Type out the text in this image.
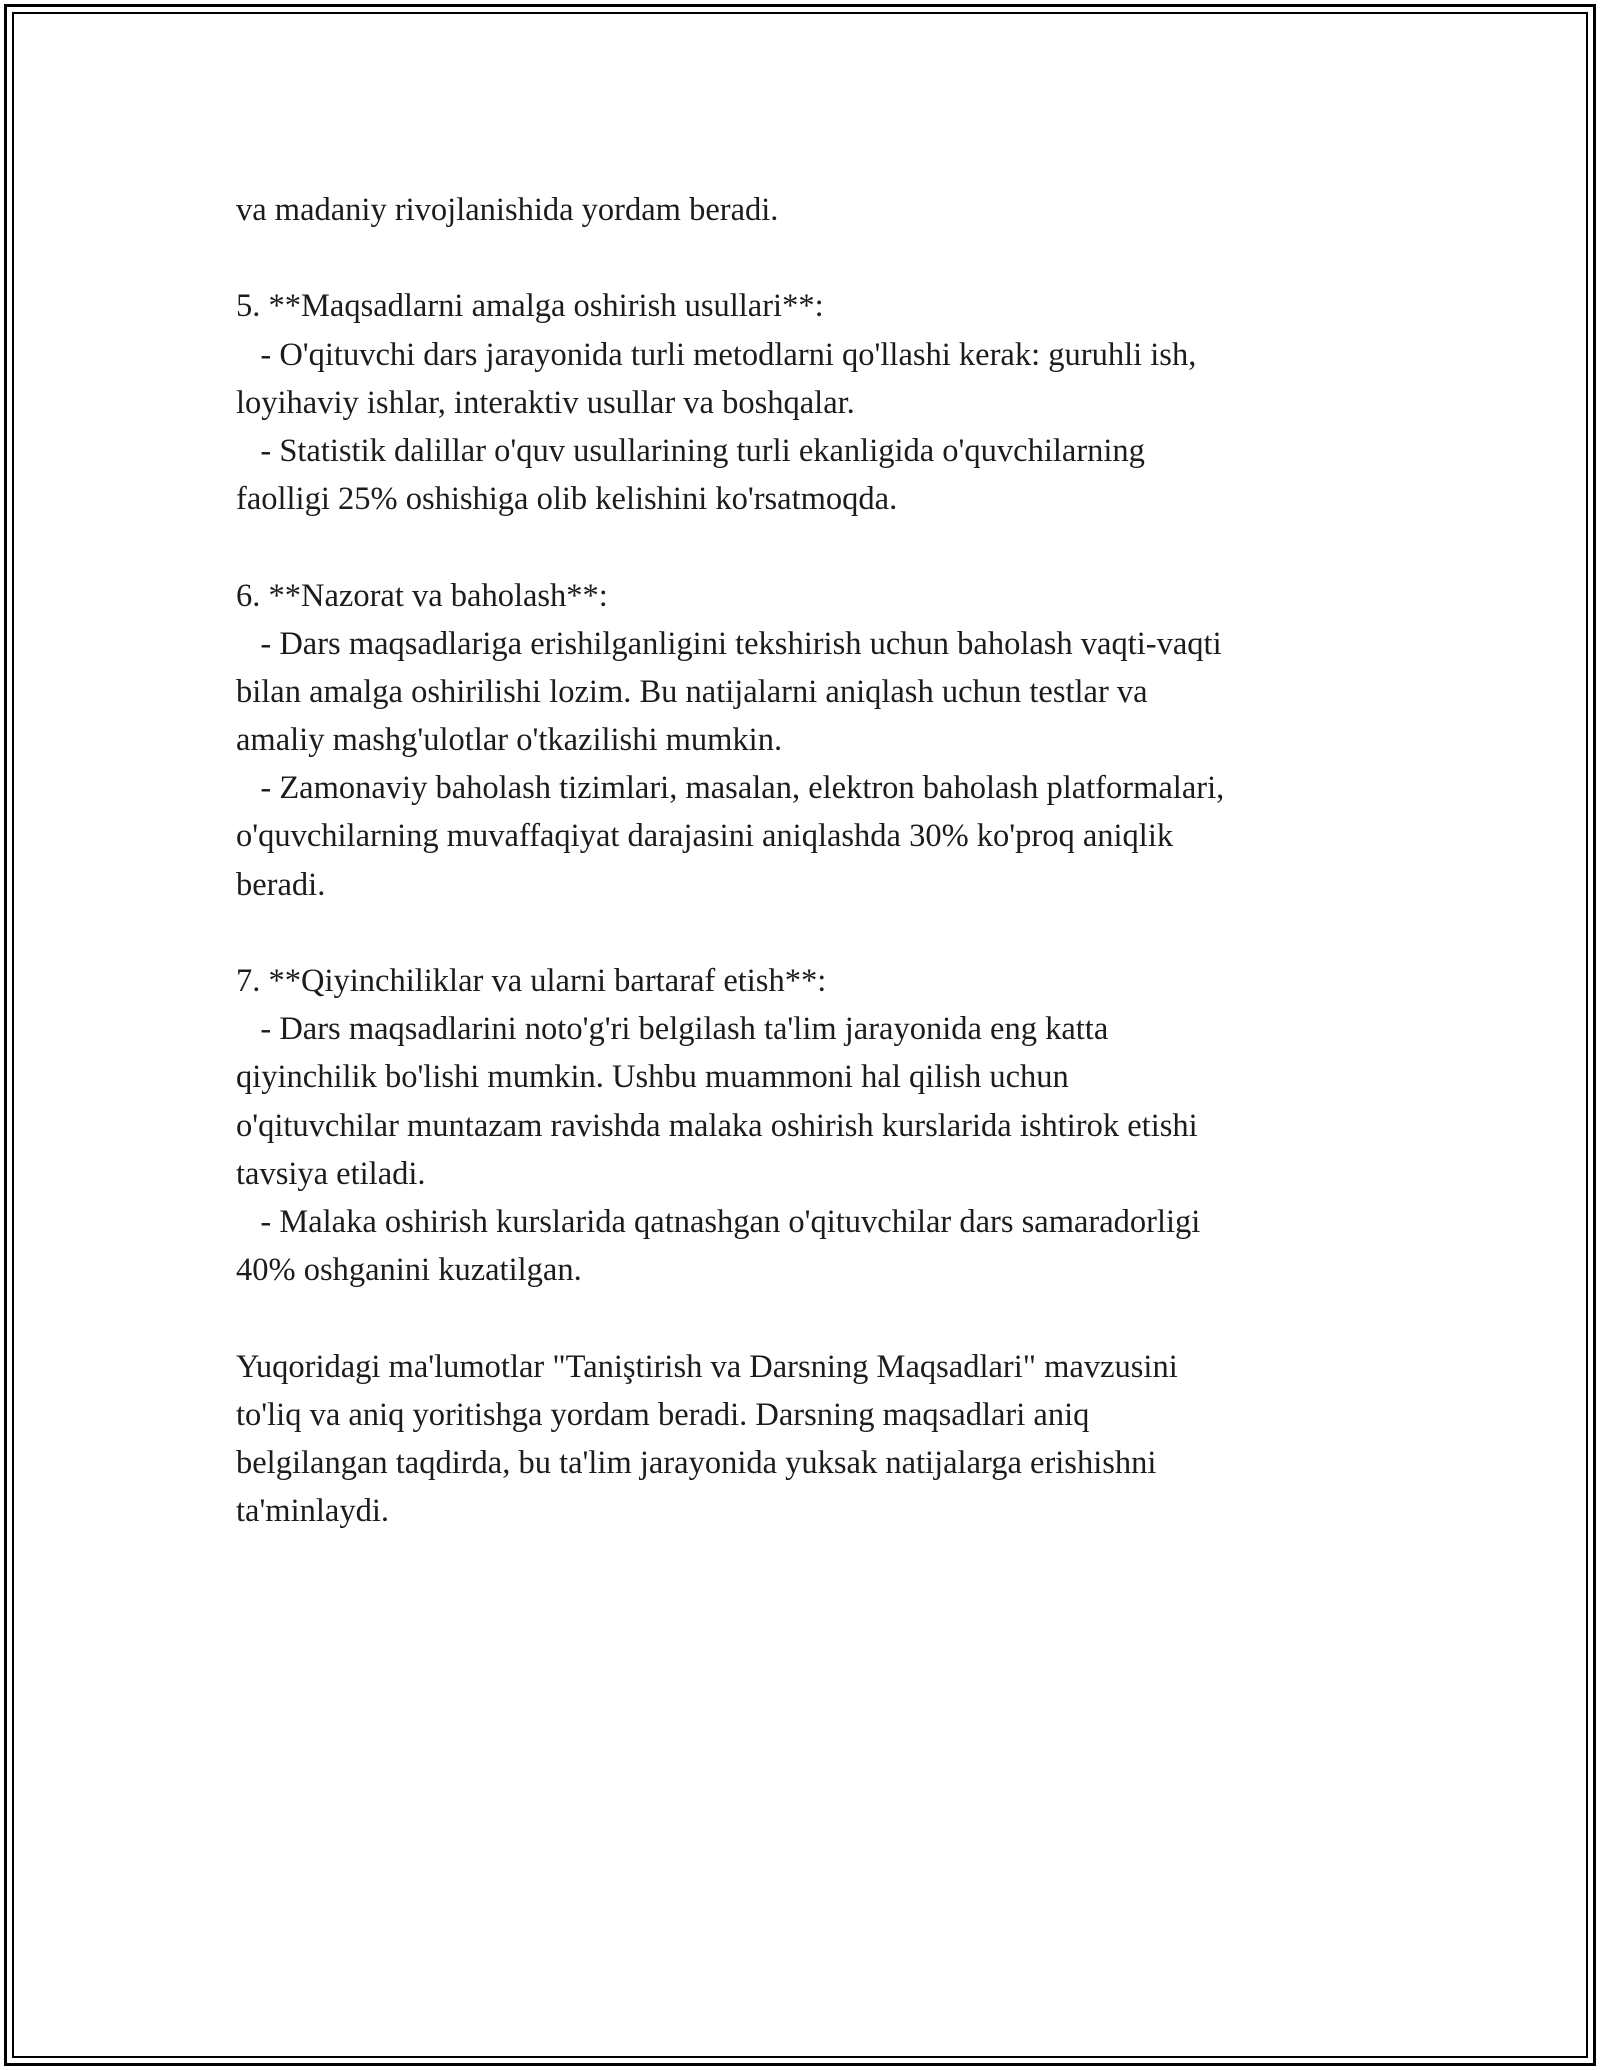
va madaniy rivojlanishida yordam beradi.
5. **Maqsadlarni amalga oshirish usullari**:
- O'qituvchi dars jarayonida turli metodlarni qo'llashi kerak: guruhli ish,
loyihaviy ishlar, interaktiv usullar va boshqalar.
- Statistik dalillar o'quv usullarining turli ekanligida o'quvchilarning
faolligi 25% oshishiga olib kelishini ko'rsatmoqda.
6. **Nazorat va baholash**:
- Dars maqsadlariga erishilganligini tekshirish uchun baholash vaqti-vaqti
bilan amalga oshirilishi lozim. Bu natijalarni aniqlash uchun testlar va
amaliy mashg'ulotlar o'tkazilishi mumkin.
- Zamonaviy baholash tizimlari, masalan, elektron baholash platformalari,
o'quvchilarning muvaffaqiyat darajasini aniqlashda 30% ko'proq aniqlik
beradi.
7. **Qiyinchiliklar va ularni bartaraf etish**:
- Dars maqsadlarini noto'g'ri belgilash ta'lim jarayonida eng katta
qiyinchilik bo'lishi mumkin. Ushbu muammoni hal qilish uchun
o'qituvchilar muntazam ravishda malaka oshirish kurslarida ishtirok etishi
tavsiya etiladi.
- Malaka oshirish kurslarida qatnashgan o'qituvchilar dars samaradorligi
40% oshganini kuzatilgan.
Yuqoridagi ma'lumotlar "Taniştirish va Darsning Maqsadlari" mavzusini
to'liq va aniq yoritishga yordam beradi. Darsning maqsadlari aniq
belgilangan taqdirda, bu ta'lim jarayonida yuksak natijalarga erishishni
ta'minlaydi.
